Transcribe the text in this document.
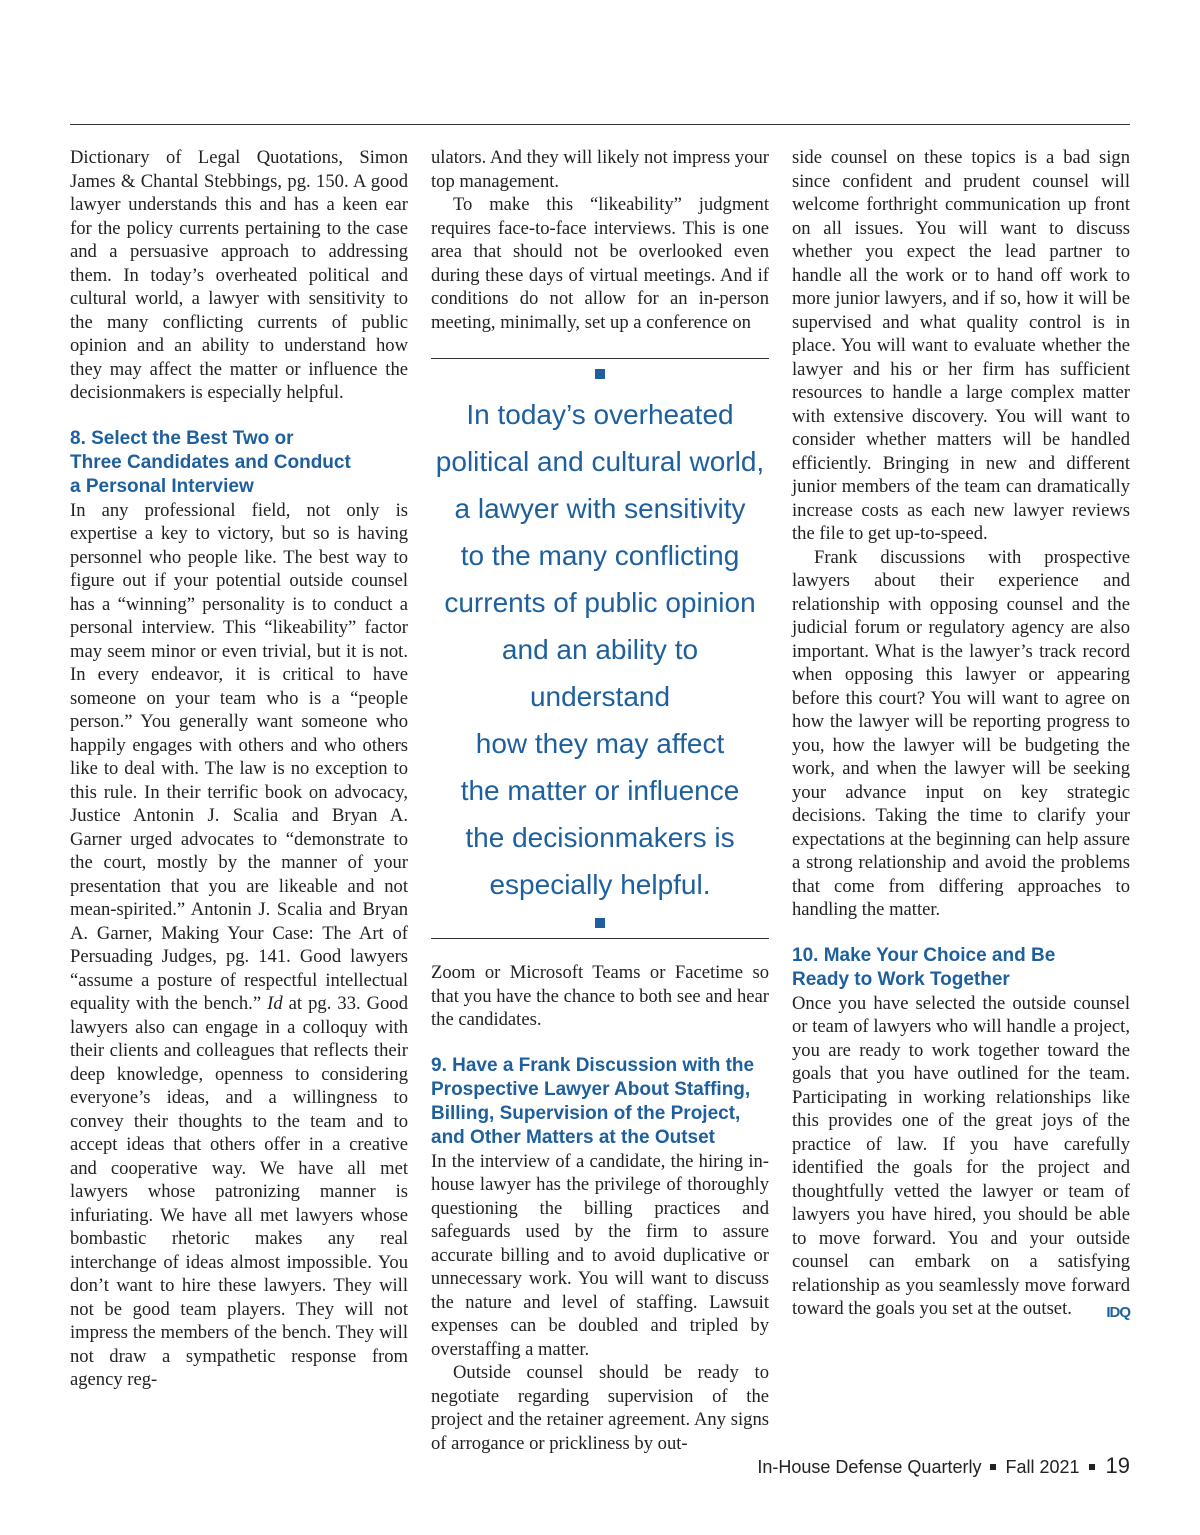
Dictionary of Legal Quotations, Simon James & Chantal Stebbings, pg. 150. A good lawyer understands this and has a keen ear for the policy currents pertaining to the case and a persuasive approach to addressing them. In today’s overheated political and cultural world, a lawyer with sensitivity to the many conflicting currents of public opinion and an ability to understand how they may affect the matter or influence the decisionmakers is especially helpful.

8. Select the Best Two or
Three Candidates and Conduct
a Personal Interview

In any professional field, not only is expertise a key to victory, but so is having personnel who people like. The best way to figure out if your potential outside counsel has a “winning” personality is to conduct a personal interview. This “likeability” factor may seem minor or even trivial, but it is not. In every endeavor, it is critical to have someone on your team who is a “people person.” You generally want someone who happily engages with others and who others like to deal with. The law is no exception to this rule. In their terrific book on advocacy, Justice Antonin J. Scalia and Bryan A. Garner urged advocates to “demonstrate to the court, mostly by the manner of your presentation that you are likeable and not mean-spirited.” Antonin J. Scalia and Bryan A. Garner, Making Your Case: The Art of Persuading Judges, pg. 141. Good lawyers “assume a posture of respectful intellectual equality with the bench.” Id at pg. 33. Good lawyers also can engage in a colloquy with their clients and colleagues that reflects their deep knowledge, openness to considering everyone’s ideas, and a willingness to convey their thoughts to the team and to accept ideas that others offer in a creative and cooperative way. We have all met lawyers whose patronizing manner is infuriating. We have all met lawyers whose bombastic rhetoric makes any real interchange of ideas almost impossible. You don’t want to hire these lawyers. They will not be good team players. They will not impress the members of the bench. They will not draw a sympathetic response from agency reg-

ulators. And they will likely not impress your top management.

To make this “likeability” judgment requires face-to-face interviews. This is one area that should not be overlooked even during these days of virtual meetings. And if conditions do not allow for an in-person meeting, minimally, set up a conference on

In today’s overheated
political and cultural world,
a lawyer with sensitivity
to the many conflicting
currents of public opinion
and an ability to understand
how they may affect
the matter or influence
the decisionmakers is
especially helpful.

Zoom or Microsoft Teams or Facetime so that you have the chance to both see and hear the candidates.

9. Have a Frank Discussion with the
Prospective Lawyer About Staffing,
Billing, Supervision of the Project,
and Other Matters at the Outset

In the interview of a candidate, the hiring in-house lawyer has the privilege of thoroughly questioning the billing practices and safeguards used by the firm to assure accurate billing and to avoid duplicative or unnecessary work. You will want to discuss the nature and level of staffing. Lawsuit expenses can be doubled and tripled by overstaffing a matter.

Outside counsel should be ready to negotiate regarding supervision of the project and the retainer agreement. Any signs of arrogance or prickliness by out-

side counsel on these topics is a bad sign since confident and prudent counsel will welcome forthright communication up front on all issues. You will want to discuss whether you expect the lead partner to handle all the work or to hand off work to more junior lawyers, and if so, how it will be supervised and what quality control is in place. You will want to evaluate whether the lawyer and his or her firm has sufficient resources to handle a large complex matter with extensive discovery. You will want to consider whether matters will be handled efficiently. Bringing in new and different junior members of the team can dramatically increase costs as each new lawyer reviews the file to get up-to-speed.

Frank discussions with prospective lawyers about their experience and relationship with opposing counsel and the judicial forum or regulatory agency are also important. What is the lawyer’s track record when opposing this lawyer or appearing before this court? You will want to agree on how the lawyer will be reporting progress to you, how the lawyer will be budgeting the work, and when the lawyer will be seeking your advance input on key strategic decisions. Taking the time to clarify your expectations at the beginning can help assure a strong relationship and avoid the problems that come from differing approaches to handling the matter.

10. Make Your Choice and Be
Ready to Work Together

Once you have selected the outside counsel or team of lawyers who will handle a project, you are ready to work together toward the goals that you have outlined for the team. Participating in working relationships like this provides one of the great joys of the practice of law. If you have carefully identified the goals for the project and thoughtfully vetted the lawyer or team of lawyers you have hired, you should be able to move forward. You and your outside counsel can embark on a satisfying relationship as you seamlessly move forward toward the goals you set at the outset. IDQ

In-House Defense Quarterly Fall 2021 19
